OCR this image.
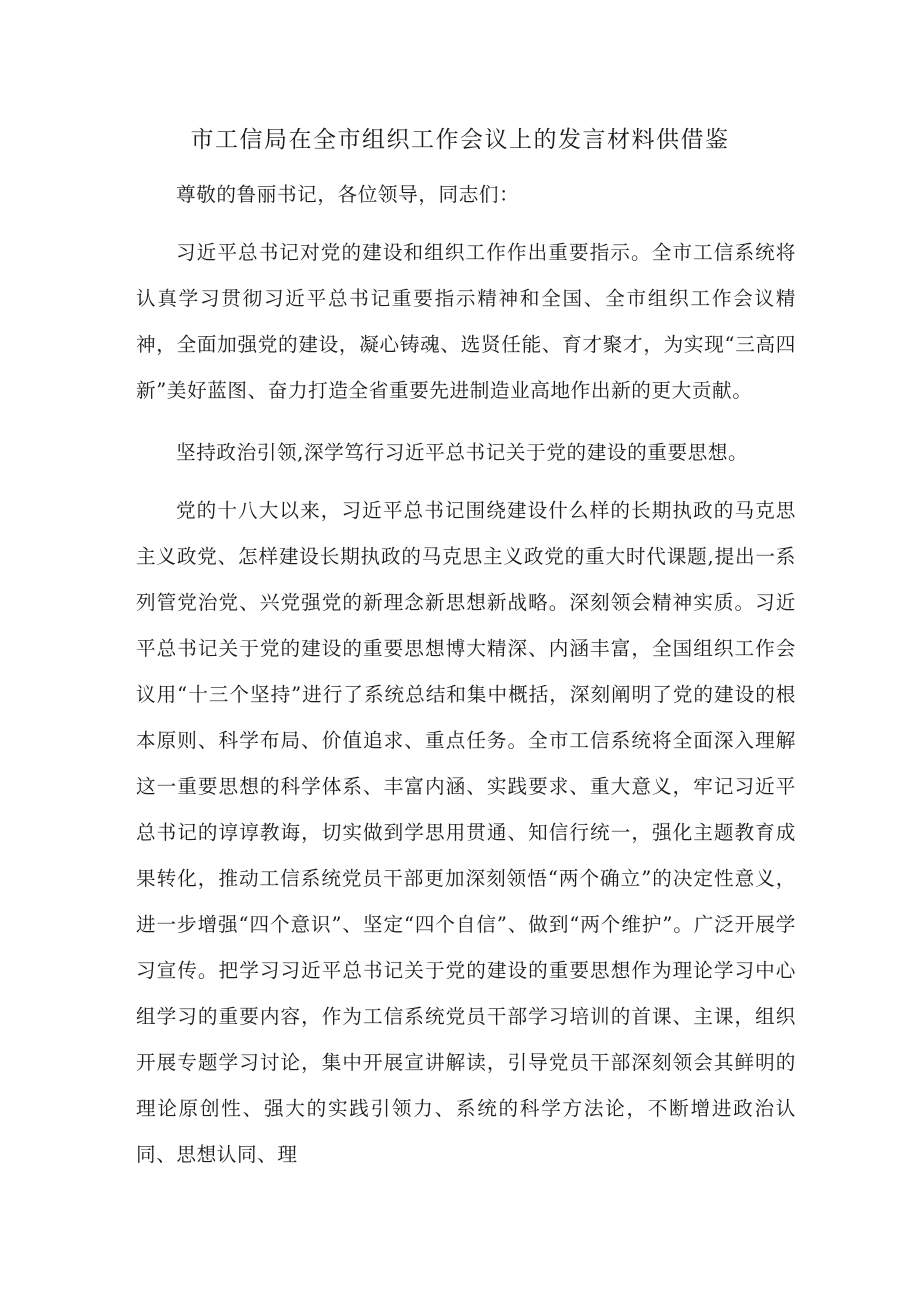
市工信局在全市组织工作会议上的发言材料供借鉴

尊敬的鲁丽书记，各位领导，同志们：

习近平总书记对党的建设和组织工作作出重要指示。全市工信系统将认真学习贯彻习近平总书记重要指示精神和全国、全市组织工作会议精神，全面加强党的建设，凝心铸魂、选贤任能、育才聚才，为实现“三高四新”美好蓝图、奋力打造全省重要先进制造业高地作出新的更大贡献。

坚持政治引领,深学笃行习近平总书记关于党的建设的重要思想。

党的十八大以来，习近平总书记围绕建设什么样的长期执政的马克思主义政党、怎样建设长期执政的马克思主义政党的重大时代课题,提出一系列管党治党、兴党强党的新理念新思想新战略。深刻领会精神实质。习近平总书记关于党的建设的重要思想博大精深、内涵丰富，全国组织工作会议用“十三个坚持”进行了系统总结和集中概括，深刻阐明了党的建设的根本原则、科学布局、价值追求、重点任务。全市工信系统将全面深入理解这一重要思想的科学体系、丰富内涵、实践要求、重大意义，牢记习近平总书记的谆谆教诲，切实做到学思用贯通、知信行统一，强化主题教育成果转化，推动工信系统党员干部更加深刻领悟“两个确立”的决定性意义，进一步增强“四个意识”、坚定“四个自信”、做到“两个维护”。广泛开展学习宣传。把学习习近平总书记关于党的建设的重要思想作为理论学习中心组学习的重要内容，作为工信系统党员干部学习培训的首课、主课，组织开展专题学习讨论，集中开展宣讲解读，引导党员干部深刻领会其鲜明的理论原创性、强大的实践引领力、系统的科学方法论，不断增进政治认同、思想认同、理
